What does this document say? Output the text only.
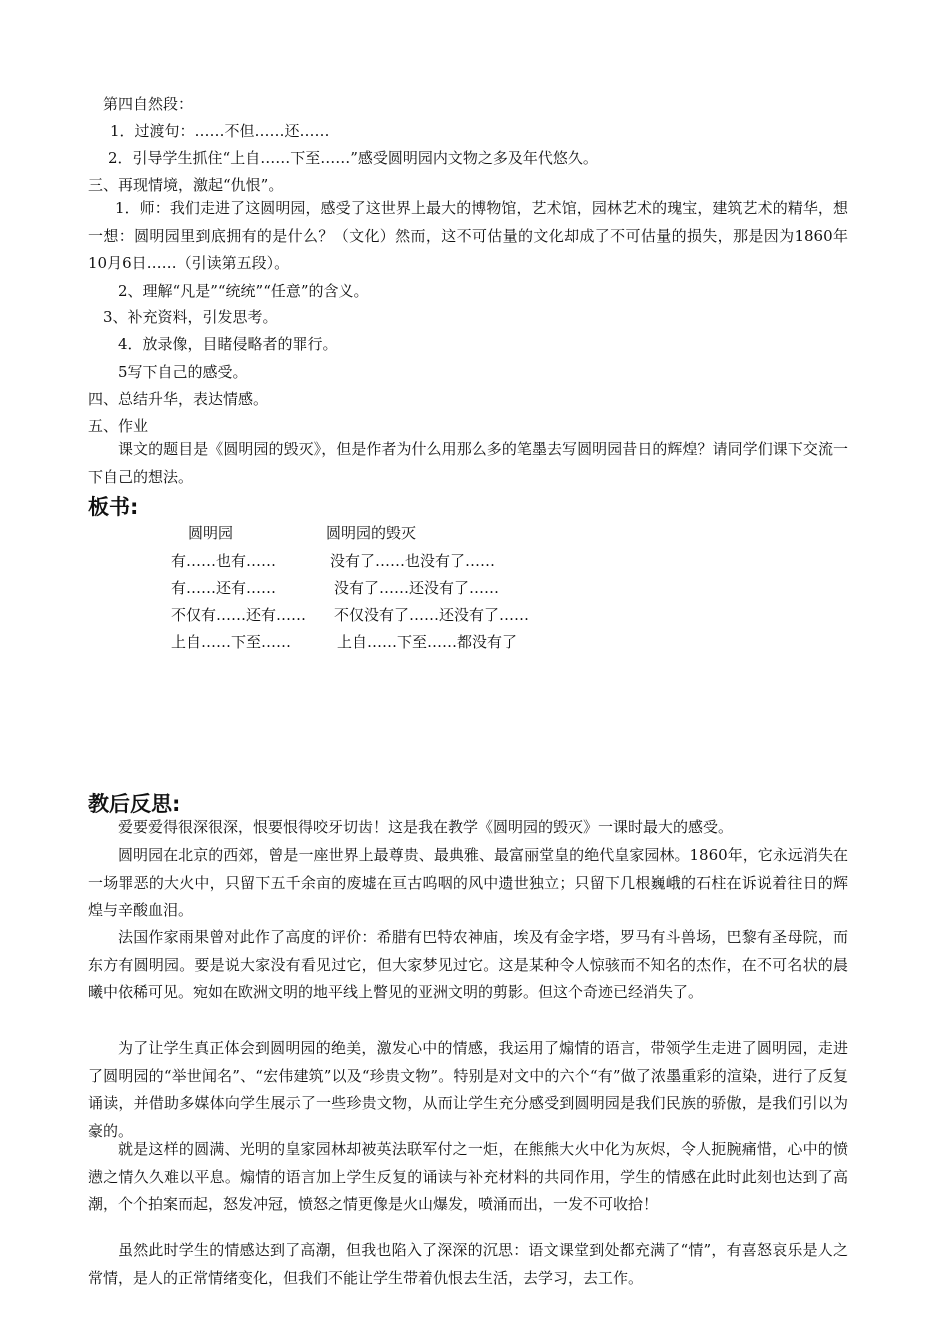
第四自然段：
1．过渡句：……不但……还……
2．引导学生抓住“上自……下至……”感受圆明园内文物之多及年代悠久。
三、再现情境，激起“仇恨”。
1．师：我们走进了这圆明园，感受了这世界上最大的博物馆，艺术馆，园林艺术的瑰宝，建筑艺术的精华，想一想：圆明园里到底拥有的是什么？（文化）然而，这不可估量的文化却成了不可估量的损失，那是因为1860年10月6日……（引读第五段）。
2、理解“凡是”“统统”“任意”的含义。
3、补充资料，引发思考。
4．放录像，目睹侵略者的罪行。
5写下自己的感受。
四、总结升华，表达情感。
五、作业
课文的题目是《圆明园的毁灭》，但是作者为什么用那么多的笔墨去写圆明园昔日的辉煌？请同学们课下交流一下自己的想法。
板书:
圆明园	圆明园的毁灭
有……也有……	没有了……也没有了……
有……还有……	没有了……还没有了……
不仅有……还有…… 不仅没有了……还没有了……
上自……下至……	上自……下至……都没有了
教后反思:
爱要爱得很深很深，恨要恨得咬牙切齿！这是我在教学《圆明园的毁灭》一课时最大的感受。
圆明园在北京的西郊，曾是一座世界上最尊贵、最典雅、最富丽堂皇的绝代皇家园林。1860年，它永远消失在一场罪恶的大火中，只留下五千余亩的废墟在亘古呜咽的风中遗世独立；只留下几根巍峨的石柱在诉说着往日的辉煌与辛酸血泪。
法国作家雨果曾对此作了高度的评价：希腊有巴特农神庙，埃及有金字塔，罗马有斗兽场，巴黎有圣母院，而东方有圆明园。要是说大家没有看见过它，但大家梦见过它。这是某种令人惊骇而不知名的杰作，在不可名状的晨曦中依稀可见。宛如在欧洲文明的地平线上瞥见的亚洲文明的剪影。但这个奇迹已经消失了。
为了让学生真正体会到圆明园的绝美，激发心中的情感，我运用了煽情的语言，带领学生走进了圆明园，走进了圆明园的“举世闻名”、“宏伟建筑”以及“珍贵文物”。特别是对文中的六个“有”做了浓墨重彩的渲染，进行了反复诵读，并借助多媒体向学生展示了一些珍贵文物，从而让学生充分感受到圆明园是我们民族的骄傲，是我们引以为豪的。
就是这样的圆满、光明的皇家园林却被英法联军付之一炬，在熊熊大火中化为灰烬，令人扼腕痛惜，心中的愤懑之情久久难以平息。煽情的语言加上学生反复的诵读与补充材料的共同作用，学生的情感在此时此刻也达到了高潮，个个拍案而起，怒发冲冠，愤怒之情更像是火山爆发，喷涌而出，一发不可收拾！
虽然此时学生的情感达到了高潮，但我也陷入了深深的沉思：语文课堂到处都充满了“情”，有喜怒哀乐是人之常情，是人的正常情绪变化，但我们不能让学生带着仇恨去生活，去学习，去工作。
